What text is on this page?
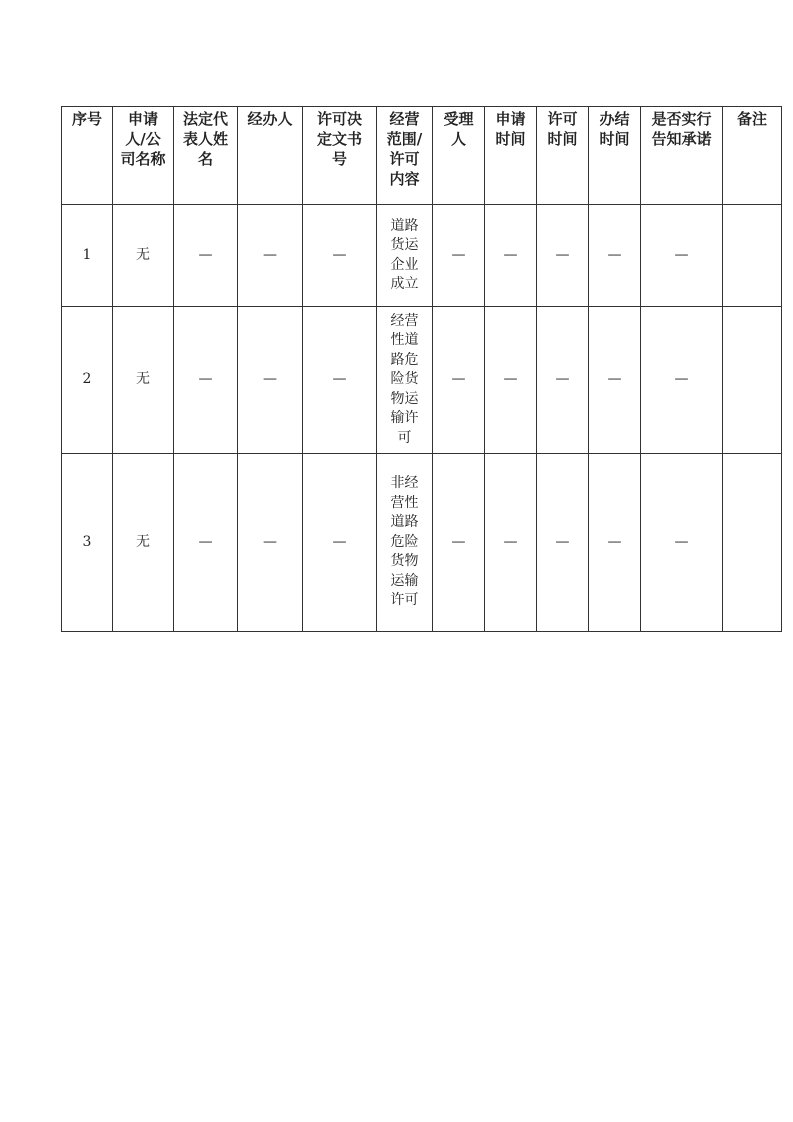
序号	申请人/公司名称	法定代表人姓名	经办人	许可决定文书号	经营范围/许可内容	受理人	申请时间	许可时间	办结时间	是否实行告知承诺	备注

1	无	—	—	—	道路货运企业成立	—	—	—	—	—	
2	无	—	—	—	经营性道路危险货物运输许可	—	—	—	—	—	
3	无	—	—	—	非经营性道路危险货物运输许可	—	—	—	—	—	
